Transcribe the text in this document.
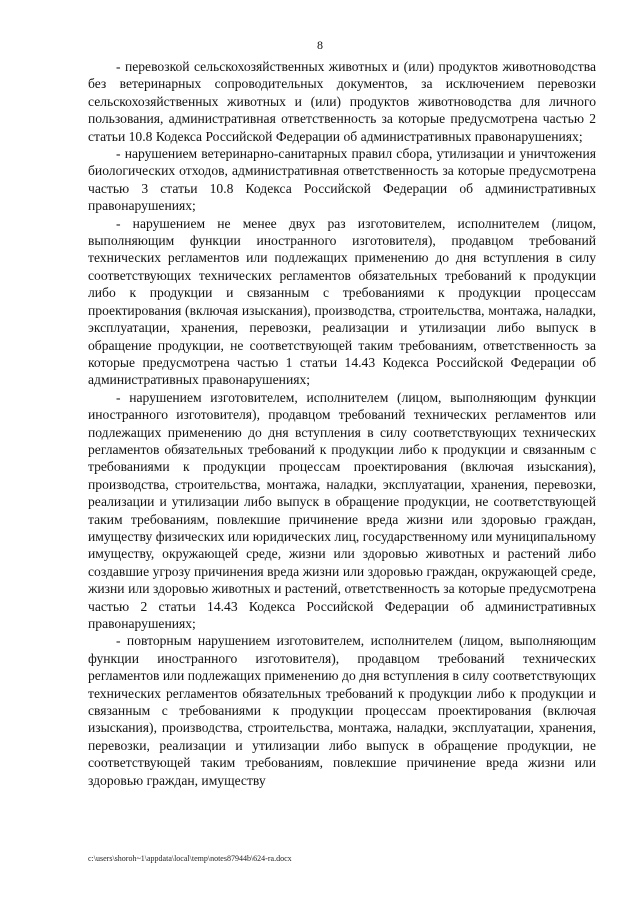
8

- перевозкой сельскохозяйственных животных и (или) продуктов животноводства без ветеринарных сопроводительных документов, за исключением перевозки сельскохозяйственных животных и (или) продуктов животноводства для личного пользования, административная ответственность за которые предусмотрена частью 2 статьи 10.8 Кодекса Российской Федерации об административных правонарушениях;

- нарушением ветеринарно-санитарных правил сбора, утилизации и уничтожения биологических отходов, административная ответственность за которые предусмотрена частью 3 статьи 10.8 Кодекса Российской Федерации об административных правонарушениях;

- нарушением не менее двух раз изготовителем, исполнителем (лицом, выполняющим функции иностранного изготовителя), продавцом требований технических регламентов или подлежащих применению до дня вступления в силу соответствующих технических регламентов обязательных требований к продукции либо к продукции и связанным с требованиями к продукции процессам проектирования (включая изыскания), производства, строительства, монтажа, наладки, эксплуатации, хранения, перевозки, реализации и утилизации либо выпуск в обращение продукции, не соответствующей таким требованиям, ответственность за которые предусмотрена частью 1 статьи 14.43 Кодекса Российской Федерации об административных правонарушениях;

- нарушением изготовителем, исполнителем (лицом, выполняющим функции иностранного изготовителя), продавцом требований технических регламентов или подлежащих применению до дня вступления в силу соответствующих технических регламентов обязательных требований к продукции либо к продукции и связанным с требованиями к продукции процессам проектирования (включая изыскания), производства, строительства, монтажа, наладки, эксплуатации, хранения, перевозки, реализации и утилизации либо выпуск в обращение продукции, не соответствующей таким требованиям, повлекшие причинение вреда жизни или здоровью граждан, имуществу физических или юридических лиц, государственному или муниципальному имуществу, окружающей среде, жизни или здоровью животных и растений либо создавшие угрозу причинения вреда жизни или здоровью граждан, окружающей среде, жизни или здоровью животных и растений, ответственность за которые предусмотрена частью 2 статьи 14.43 Кодекса Российской Федерации об административных правонарушениях;

- повторным нарушением изготовителем, исполнителем (лицом, выполняющим функции иностранного изготовителя), продавцом требований технических регламентов или подлежащих применению до дня вступления в силу соответствующих технических регламентов обязательных требований к продукции либо к продукции и связанным с требованиями к продукции процессам проектирования (включая изыскания), производства, строительства, монтажа, наладки, эксплуатации, хранения, перевозки, реализации и утилизации либо выпуск в обращение продукции, не соответствующей таким требованиям, повлекшие причинение вреда жизни или здоровью граждан, имуществу

c:\users\shoroh~1\appdata\local\temp\notes87944b\624-ra.docx
